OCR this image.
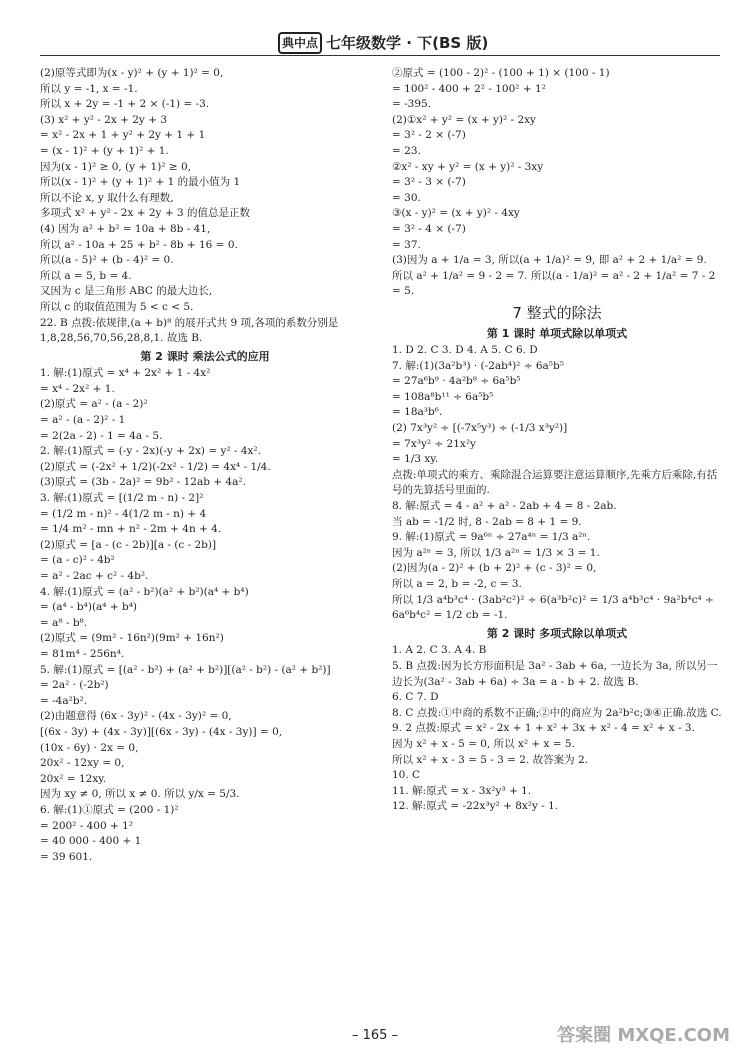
典中点 七年级数学 · 下(BS 版)
(2)原等式即为(x - y)² + (y + 1)² = 0,
所以 y = -1, x = -1.
所以 x + 2y = -1 + 2 × (-1) = -3.
(3) x² + y² - 2x + 2y + 3
= x² - 2x + 1 + y² + 2y + 1 + 1
= (x - 1)² + (y + 1)² + 1.
因为(x - 1)² ≥ 0, (y + 1)² ≥ 0,
所以(x - 1)² + (y + 1)² + 1 的最小值为 1
所以不论 x, y 取什么有理数,
多项式 x² + y² - 2x + 2y + 3 的值总是正数
(4) 因为 a² + b² = 10a + 8b - 41,
所以 a² - 10a + 25 + b² - 8b + 16 = 0.
所以(a - 5)² + (b - 4)² = 0.
所以 a = 5, b = 4.
又因为 c 是三角形 ABC 的最大边长,
所以 c 的取值范围为 5 < c < 5.
22. B 点拨:依规律,(a + b)⁸ 的展开式共 9 项,各项的系数分别是 1,8,28,56,70,56,28,8,1. 故选 B.
第 2 课时 乘法公式的应用
1. 解:(1)原式 = x⁴ + 2x² + 1 - 4x²
= x⁴ - 2x² + 1.
(2)原式 = a² - (a - 2)²
= a² - (a - 2)² - 1
= 2(2a - 2) - 1 = 4a - 5.
2. 解:(1)原式 = (-y - 2x)(-y + 2x) = y² - 4x².
(2)原式 = (-2x² + 1/2)(-2x² - 1/2) = 4x⁴ - 1/4.
(3)原式 = (3b - 2a)² = 9b² - 12ab + 4a².
3. 解:(1)原式 = [(1/2 m - n) - 2]²
= (1/2 m - n)² - 4(1/2 m - n) + 4
= 1/4 m² - mn + n² - 2m + 4n + 4.
(2)原式 = [a - (c - 2b)][a - (c - 2b)]
= (a - c)² - 4b²
= a² - 2ac + c² - 4b².
4. 解:(1)原式 = (a² - b²)(a² + b²)(a⁴ + b⁴)
= (a⁴ - b⁴)(a⁴ + b⁴)
= a⁸ - b⁸.
(2)原式 = (9m² - 16n²)(9m² + 16n²)
= 81m⁴ - 256n⁴.
5. 解:(1)原式 = [(a² - b²) + (a² + b²)][(a² - b²) - (a² + b²)]
= 2a² · (-2b²)
= -4a²b².
(2)由题意得 (6x - 3y)² - (4x - 3y)² = 0,
[(6x - 3y) + (4x - 3y)][(6x - 3y) - (4x - 3y)] = 0,
(10x - 6y) · 2x = 0,
20x² - 12xy = 0,
20x² = 12xy.
因为 xy ≠ 0, 所以 x ≠ 0. 所以 y/x = 5/3.
6. 解:(1)①原式 = (200 - 1)²
= 200² - 400 + 1²
= 40 000 - 400 + 1
= 39 601.
②原式 = (100 - 2)² - (100 + 1) × (100 - 1)
= 100² - 400 + 2² - 100² + 1²
= -395.
(2)①x² + y² = (x + y)² - 2xy
= 3² - 2 × (-7)
= 23.
②x² - xy + y² = (x + y)² - 3xy
= 3² - 3 × (-7)
= 30.
③(x - y)² = (x + y)² - 4xy
= 3² - 4 × (-7)
= 37.
(3)因为 a + 1/a = 3, 所以(a + 1/a)² = 9, 即 a² + 2 + 1/a² = 9.
所以 a² + 1/a² = 9 - 2 = 7. 所以(a - 1/a)² = a² - 2 + 1/a² = 7 - 2 = 5.
7 整式的除法
第 1 课时 单项式除以单项式
1. D 2. C 3. D 4. A 5. C 6. D
7. 解:(1)(3a²b³) · (-2ab⁴)² ÷ 6a⁵b⁵
= 27a⁶b⁹ · 4a²b⁸ ÷ 6a⁵b⁵
= 108a⁸b¹¹ ÷ 6a⁵b⁵
= 18a³b⁶.
(2) 7x³y² ÷ [(-7x⁵y³) ÷ (-1/3 x³y²)]
= 7x³y² ÷ 21x²y
= 1/3 xy.
点拨:单项式的乘方、乘除混合运算要注意运算顺序,先乘方后乘除,有括号的先算括号里面的.
8. 解:原式 = 4 - a² + a² - 2ab + 4 = 8 - 2ab.
当 ab = -1/2 时, 8 - 2ab = 8 + 1 = 9.
9. 解:(1)原式 = 9a⁶ⁿ ÷ 27a⁴ⁿ = 1/3 a²ⁿ.
因为 a²ⁿ = 3, 所以 1/3 a²ⁿ = 1/3 × 3 = 1.
(2)因为(a - 2)² + (b + 2)² + (c - 3)² = 0,
所以 a = 2, b = -2, c = 3.
所以 1/3 a⁴b³c⁴ · (3ab²c²)² ÷ 6(a³b²c)² = 1/3 a⁴b³c⁴ · 9a²b⁴c⁴ ÷
6a⁶b⁴c² = 1/2 cb = -1.
第 2 课时 多项式除以单项式
1. A 2. C 3. A 4. B
5. B 点拨:因为长方形面积是 3a² - 3ab + 6a, 一边长为 3a, 所以另一边长为(3a² - 3ab + 6a) ÷ 3a = a - b + 2. 故选 B.
6. C 7. D
8. C 点拨:①中商的系数不正确;②中的商应为 2a²b²c;③④正确.故选 C.
9. 2 点拨:原式 = x² - 2x + 1 + x² + 3x + x² - 4 = x² + x - 3.
因为 x² + x - 5 = 0, 所以 x² + x = 5.
所以 x² + x - 3 = 5 - 3 = 2. 故答案为 2.
10. C
11. 解:原式 = x - 3x²y³ + 1.
12. 解:原式 = -22x³y² + 8x²y - 1.
– 165 –	答案圈 MXQE.COM
